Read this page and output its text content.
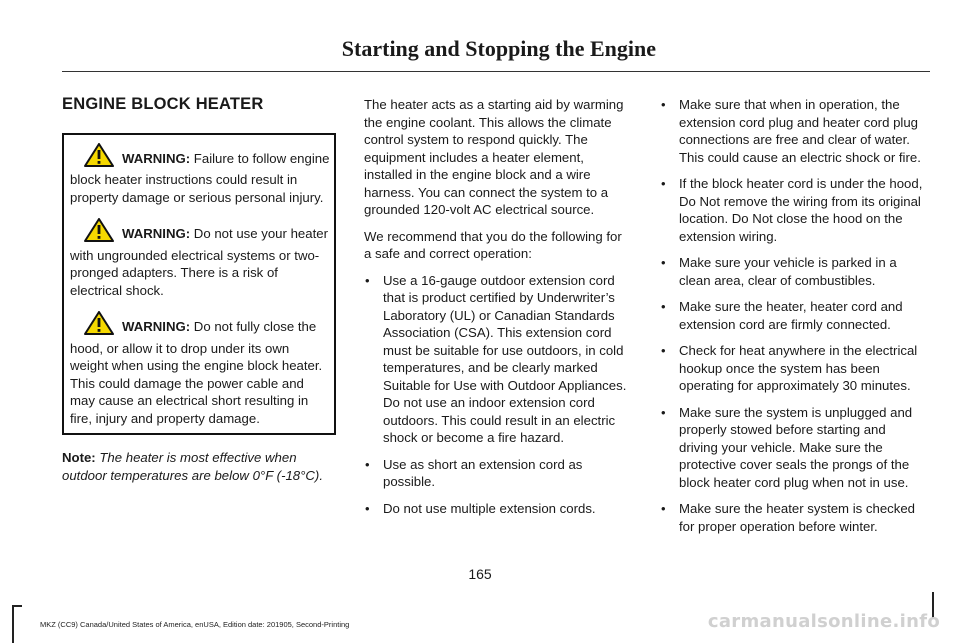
Starting and Stopping the Engine
ENGINE BLOCK HEATER
WARNING: Failure to follow engine block heater instructions could result in property damage or serious personal injury.
WARNING: Do not use your heater with ungrounded electrical systems or two-pronged adapters. There is a risk of electrical shock.
WARNING: Do not fully close the hood, or allow it to drop under its own weight when using the engine block heater. This could damage the power cable and may cause an electrical short resulting in fire, injury and property damage.

Note: The heater is most effective when outdoor temperatures are below 0°F (-18°C).

The heater acts as a starting aid by warming the engine coolant. This allows the climate control system to respond quickly. The equipment includes a heater element, installed in the engine block and a wire harness. You can connect the system to a grounded 120-volt AC electrical source.

We recommend that you do the following for a safe and correct operation:

• Use a 16-gauge outdoor extension cord that is product certified by Underwriter’s Laboratory (UL) or Canadian Standards Association (CSA). This extension cord must be suitable for use outdoors, in cold temperatures, and be clearly marked Suitable for Use with Outdoor Appliances. Do not use an indoor extension cord outdoors. This could result in an electric shock or become a fire hazard.
• Use as short an extension cord as possible.
• Do not use multiple extension cords.
• Make sure that when in operation, the extension cord plug and heater cord plug connections are free and clear of water. This could cause an electric shock or fire.
• If the block heater cord is under the hood, Do Not remove the wiring from its original location. Do Not close the hood on the extension wiring.
• Make sure your vehicle is parked in a clean area, clear of combustibles.
• Make sure the heater, heater cord and extension cord are firmly connected.
• Check for heat anywhere in the electrical hookup once the system has been operating for approximately 30 minutes.
• Make sure the system is unplugged and properly stowed before starting and driving your vehicle. Make sure the protective cover seals the prongs of the block heater cord plug when not in use.
• Make sure the heater system is checked for proper operation before winter.
165
MKZ (CC9) Canada/United States of America, enUSA, Edition date: 201905, Second-Printing	carmanualsonline.info
